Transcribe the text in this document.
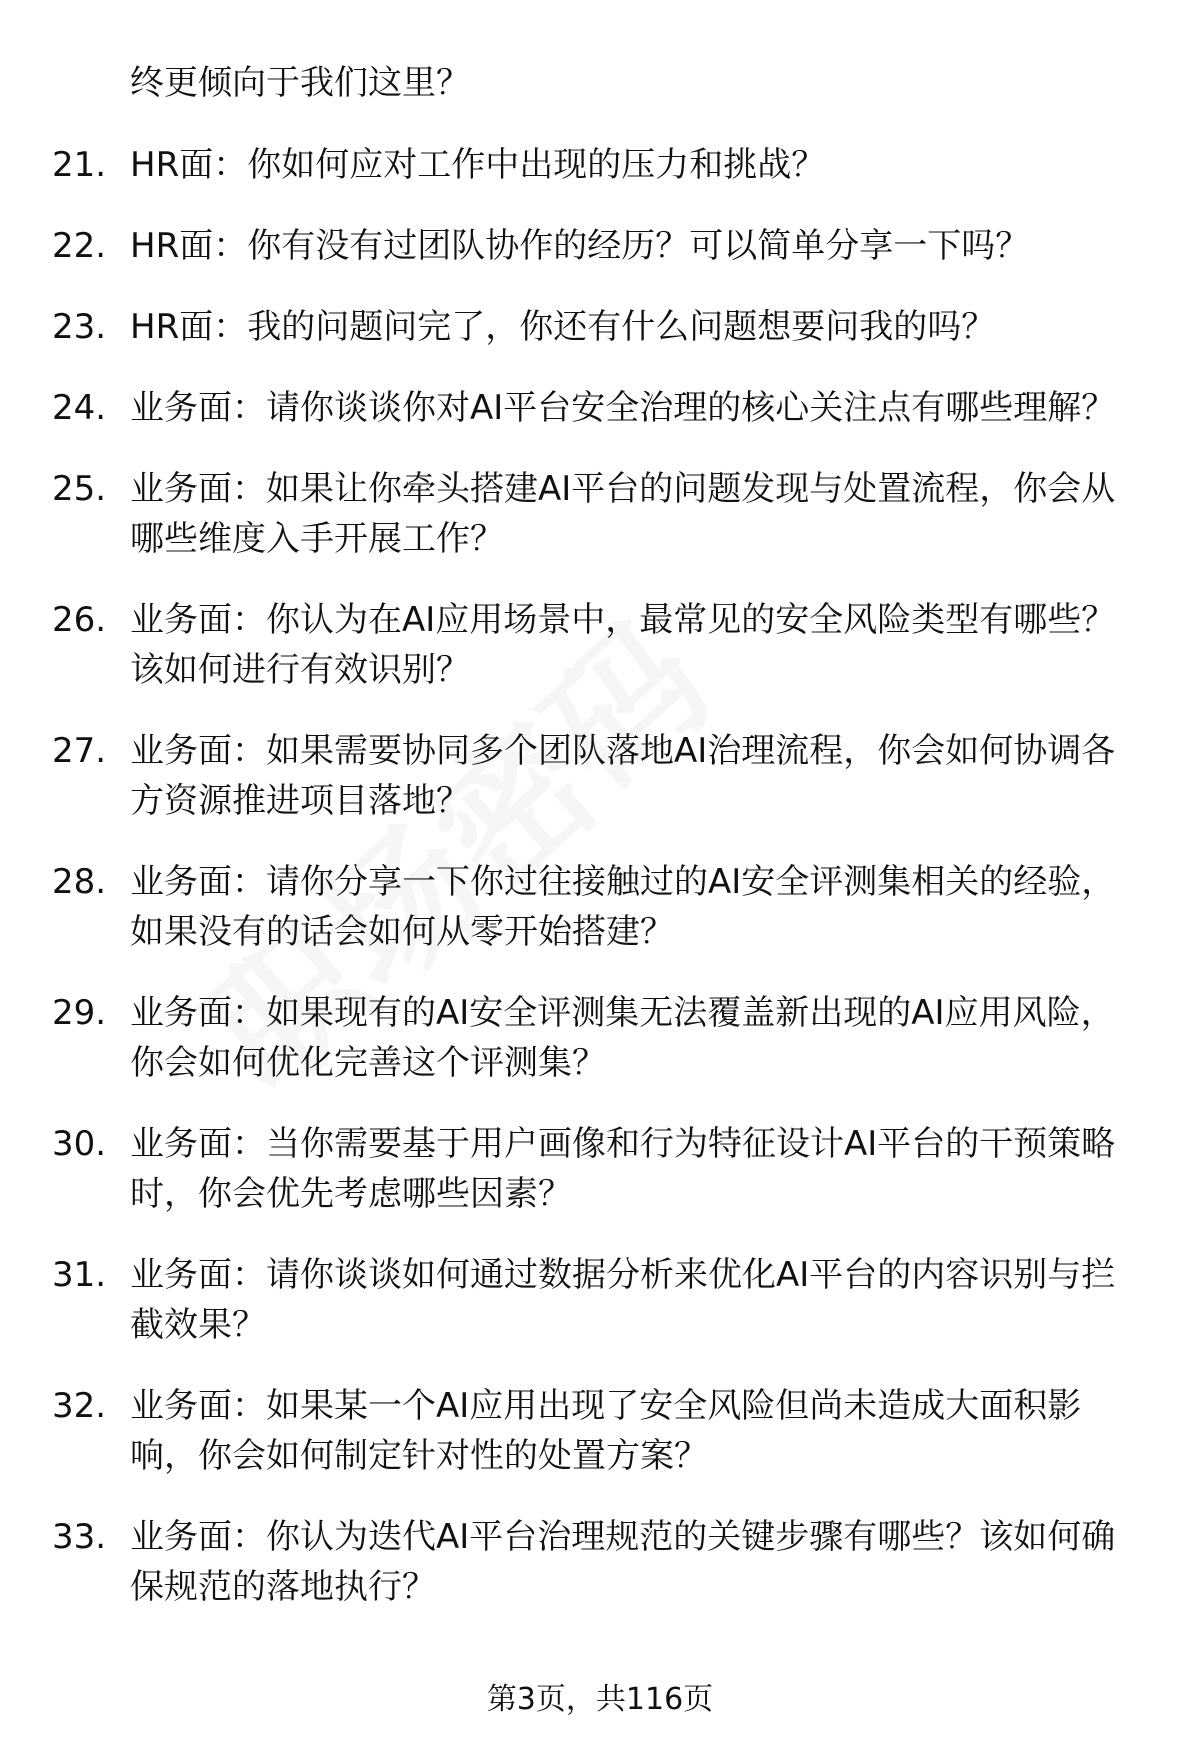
终更倾向于我们这里？
21. HR面：你如何应对工作中出现的压力和挑战？
22. HR面：你有没有过团队协作的经历？可以简单分享一下吗？
23. HR面：我的问题问完了，你还有什么问题想要问我的吗？
24. 业务面：请你谈谈你对AI平台安全治理的核心关注点有哪些理解？
25. 业务面：如果让你牵头搭建AI平台的问题发现与处置流程，你会从哪些维度入手开展工作？
26. 业务面：你认为在AI应用场景中，最常见的安全风险类型有哪些？该如何进行有效识别？
27. 业务面：如果需要协同多个团队落地AI治理流程，你会如何协调各方资源推进项目落地？
28. 业务面：请你分享一下你过往接触过的AI安全评测集相关的经验，如果没有的话会如何从零开始搭建？
29. 业务面：如果现有的AI安全评测集无法覆盖新出现的AI应用风险，你会如何优化完善这个评测集？
30. 业务面：当你需要基于用户画像和行为特征设计AI平台的干预策略时，你会优先考虑哪些因素？
31. 业务面：请你谈谈如何通过数据分析来优化AI平台的内容识别与拦截效果？
32. 业务面：如果某一个AI应用出现了安全风险但尚未造成大面积影响，你会如何制定针对性的处置方案？
33. 业务面：你认为迭代AI平台治理规范的关键步骤有哪些？该如何确保规范的落地执行？
第3页，共116页
